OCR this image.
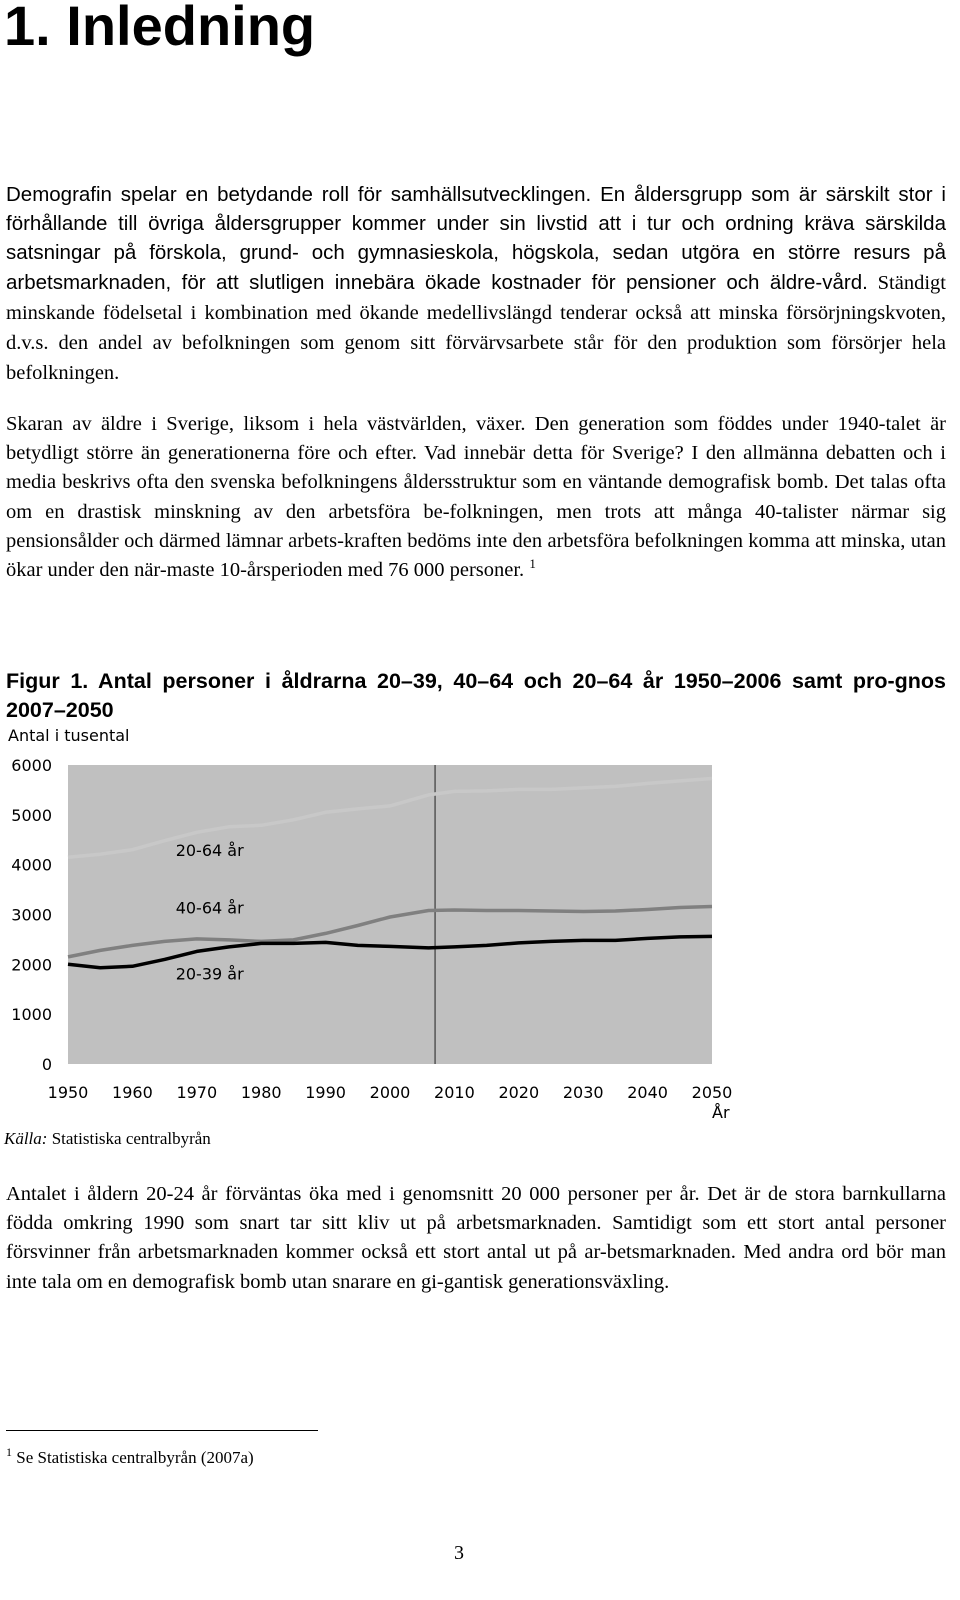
1. Inledning

Demografin spelar en betydande roll för samhällsutvecklingen. En åldersgrupp som är särskilt stor i förhållande till övriga åldersgrupper kommer under sin livstid att i tur och ordning kräva särskilda satsningar på förskola, grund- och gymnasieskola, högskola, sedan utgöra en större resurs på arbetsmarknaden, för att slutligen innebära ökade kostnader för pensioner och äldre-vård. Ständigt minskande födelsetal i kombination med ökande medellivslängd tenderar också att minska försörjningskvoten, d.v.s. den andel av befolkningen som genom sitt förvärvsarbete står för den produktion som försörjer hela befolkningen.

Skaran av äldre i Sverige, liksom i hela västvärlden, växer. Den generation som föddes under 1940-talet är betydligt större än generationerna före och efter. Vad innebär detta för Sverige? I den allmänna debatten och i media beskrivs ofta den svenska befolkningens åldersstruktur som en väntande demografisk bomb. Det talas ofta om en drastisk minskning av den arbetsföra be-folkningen, men trots att många 40-talister närmar sig pensionsålder och därmed lämnar arbets-kraften bedöms inte den arbetsföra befolkningen komma att minska, utan ökar under den när-maste 10-årsperioden med 76 000 personer. $^1$

Figur 1. Antal personer i åldrarna 20–39, 40–64 och 20–64 år 1950–2006 samt pro-gnos 2007–2050

Antal i tusental
0
1000
2000
3000
4000
5000
6000
1950 1960 1970 1980 1990 2000 2010 2020 2030 2040 2050
20-64 år
40-64 år
20-39 år
År

Källa: Statistiska centralbyrån

Antalet i åldern 20-24 år förväntas öka med i genomsnitt 20 000 personer per år. Det är de stora barnkullarna födda omkring 1990 som snart tar sitt kliv ut på arbetsmarknaden. Samtidigt som ett stort antal personer försvinner från arbetsmarknaden kommer också ett stort antal ut på ar-betsmarknaden. Med andra ord bör man inte tala om en demografisk bomb utan snarare en gi-gantisk generationsväxling.

$^1$ Se Statistiska centralbyrån (2007a)

3
